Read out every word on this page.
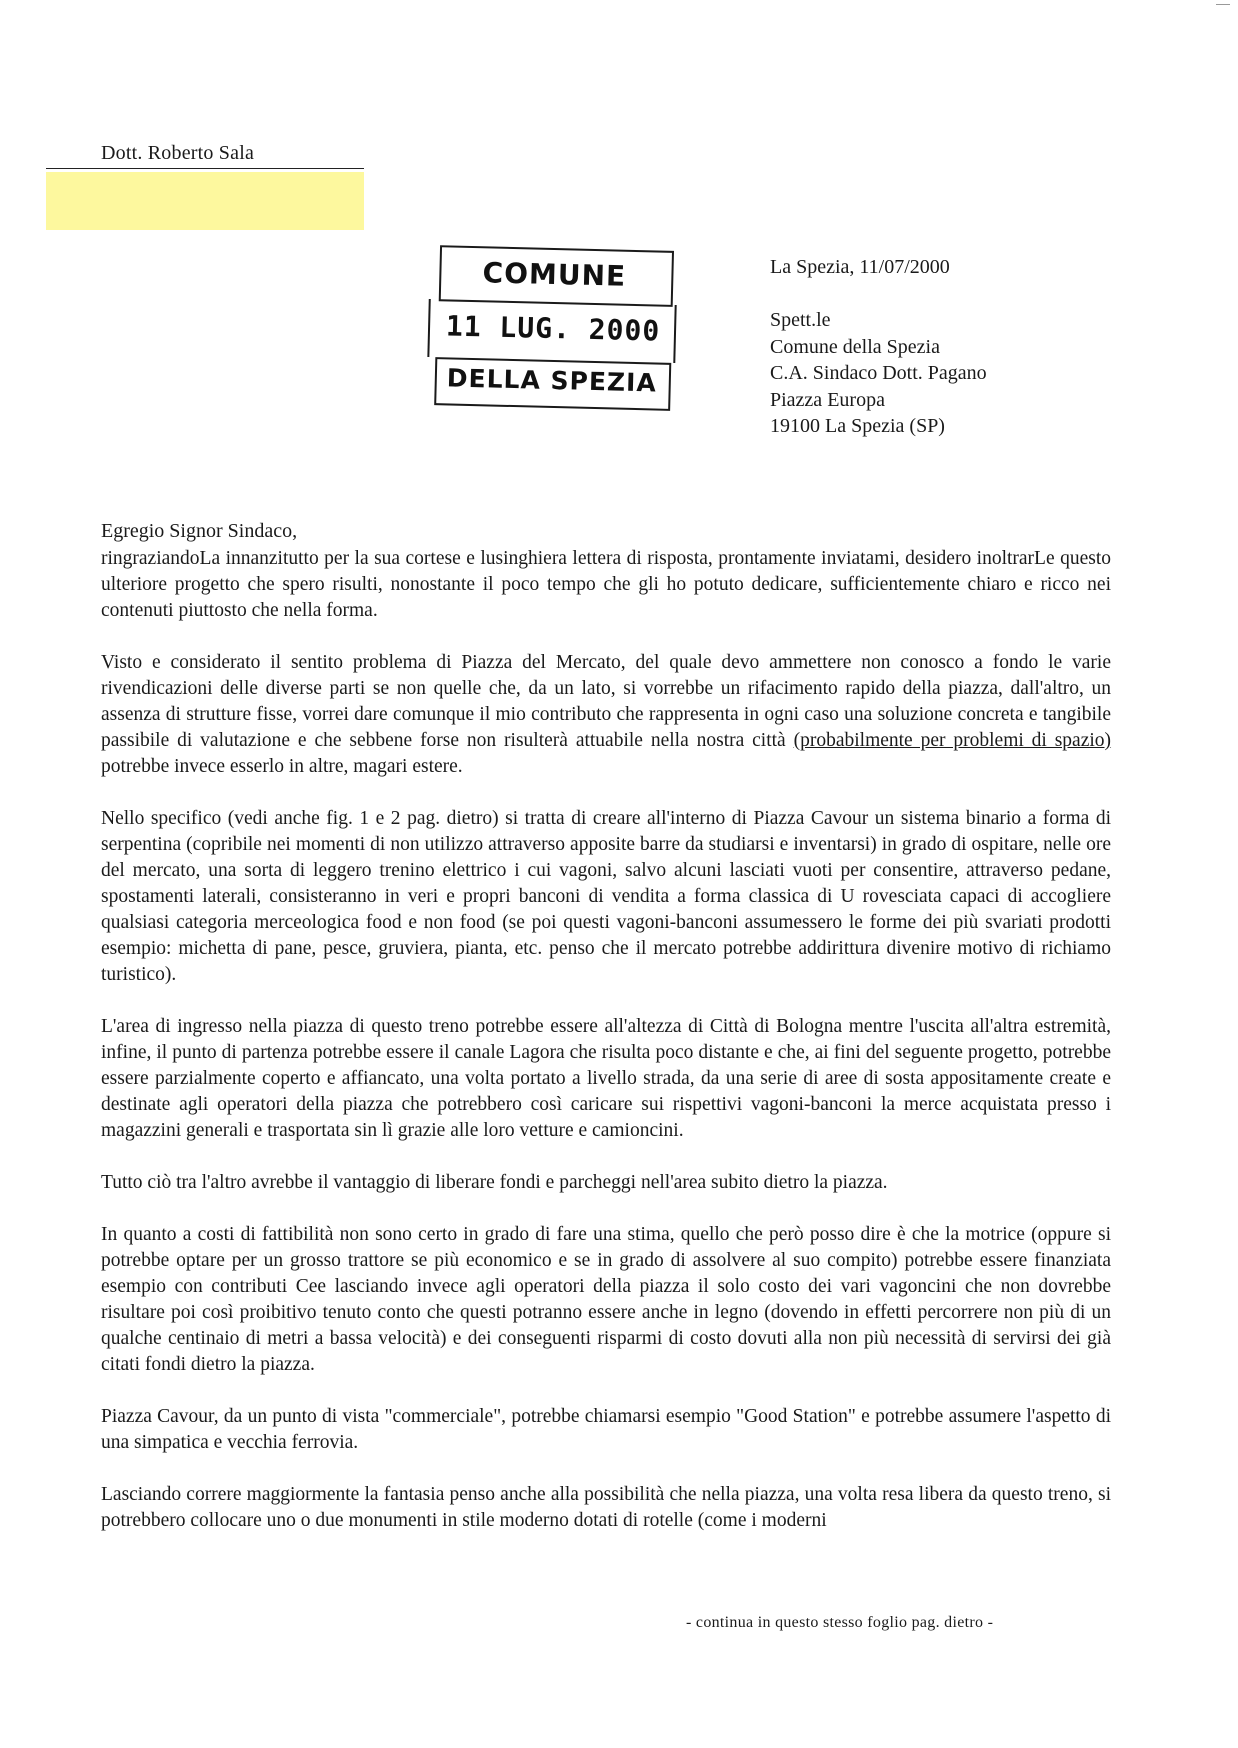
Dott. Roberto Sala
COMUNE
11 LUG. 2000
DELLA SPEZIA
La Spezia, 11/07/2000
Spett.le
Comune della Spezia
C.A. Sindaco Dott. Pagano
Piazza Europa
19100 La Spezia (SP)
Egregio Signor Sindaco,

ringraziandoLa innanzitutto per la sua cortese e lusinghiera lettera di risposta, prontamente inviatami, desidero inoltrarLe questo ulteriore progetto che spero risulti, nonostante il poco tempo che gli ho potuto dedicare, sufficientemente chiaro e ricco nei contenuti piuttosto che nella forma.

Visto e considerato il sentito problema di Piazza del Mercato, del quale devo ammettere non conosco a fondo le varie rivendicazioni delle diverse parti se non quelle che, da un lato, si vorrebbe un rifacimento rapido della piazza, dall'altro, un assenza di strutture fisse, vorrei dare comunque il mio contributo che rappresenta in ogni caso una soluzione concreta e tangibile passibile di valutazione e che sebbene forse non risulterà attuabile nella nostra città (probabilmente per problemi di spazio) potrebbe invece esserlo in altre, magari estere.

Nello specifico (vedi anche fig. 1 e 2 pag. dietro) si tratta di creare all'interno di Piazza Cavour un sistema binario a forma di serpentina (copribile nei momenti di non utilizzo attraverso apposite barre da studiarsi e inventarsi) in grado di ospitare, nelle ore del mercato, una sorta di leggero trenino elettrico i cui vagoni, salvo alcuni lasciati vuoti per consentire, attraverso pedane, spostamenti laterali, consisteranno in veri e propri banconi di vendita a forma classica di U rovesciata capaci di accogliere qualsiasi categoria merceologica food e non food (se poi questi vagoni-banconi assumessero le forme dei più svariati prodotti esempio: michetta di pane, pesce, gruviera, pianta, etc. penso che il mercato potrebbe addirittura divenire motivo di richiamo turistico).

L'area di ingresso nella piazza di questo treno potrebbe essere all'altezza di Città di Bologna mentre l'uscita all'altra estremità, infine, il punto di partenza potrebbe essere il canale Lagora che risulta poco distante e che, ai fini del seguente progetto, potrebbe essere parzialmente coperto e affiancato, una volta portato a livello strada, da una serie di aree di sosta appositamente create e destinate agli operatori della piazza che potrebbero così caricare sui rispettivi vagoni-banconi la merce acquistata presso i magazzini generali e trasportata sin lì grazie alle loro vetture e camioncini.

Tutto ciò tra l'altro avrebbe il vantaggio di liberare fondi e parcheggi nell'area subito dietro la piazza.

In quanto a costi di fattibilità non sono certo in grado di fare una stima, quello che però posso dire è che la motrice (oppure si potrebbe optare per un grosso trattore se più economico e se in grado di assolvere al suo compito) potrebbe essere finanziata esempio con contributi Cee lasciando invece agli operatori della piazza il solo costo dei vari vagoncini che non dovrebbe risultare poi così proibitivo tenuto conto che questi potranno essere anche in legno (dovendo in effetti percorrere non più di un qualche centinaio di metri a bassa velocità) e dei conseguenti risparmi di costo dovuti alla non più necessità di servirsi dei già citati fondi dietro la piazza.

Piazza Cavour, da un punto di vista "commerciale", potrebbe chiamarsi esempio "Good Station" e potrebbe assumere l'aspetto di una simpatica e vecchia ferrovia.

Lasciando correre maggiormente la fantasia penso anche alla possibilità che nella piazza, una volta resa libera da questo treno, si potrebbero collocare uno o due monumenti in stile moderno dotati di rotelle (come i moderni

- continua in questo stesso foglio pag. dietro -
